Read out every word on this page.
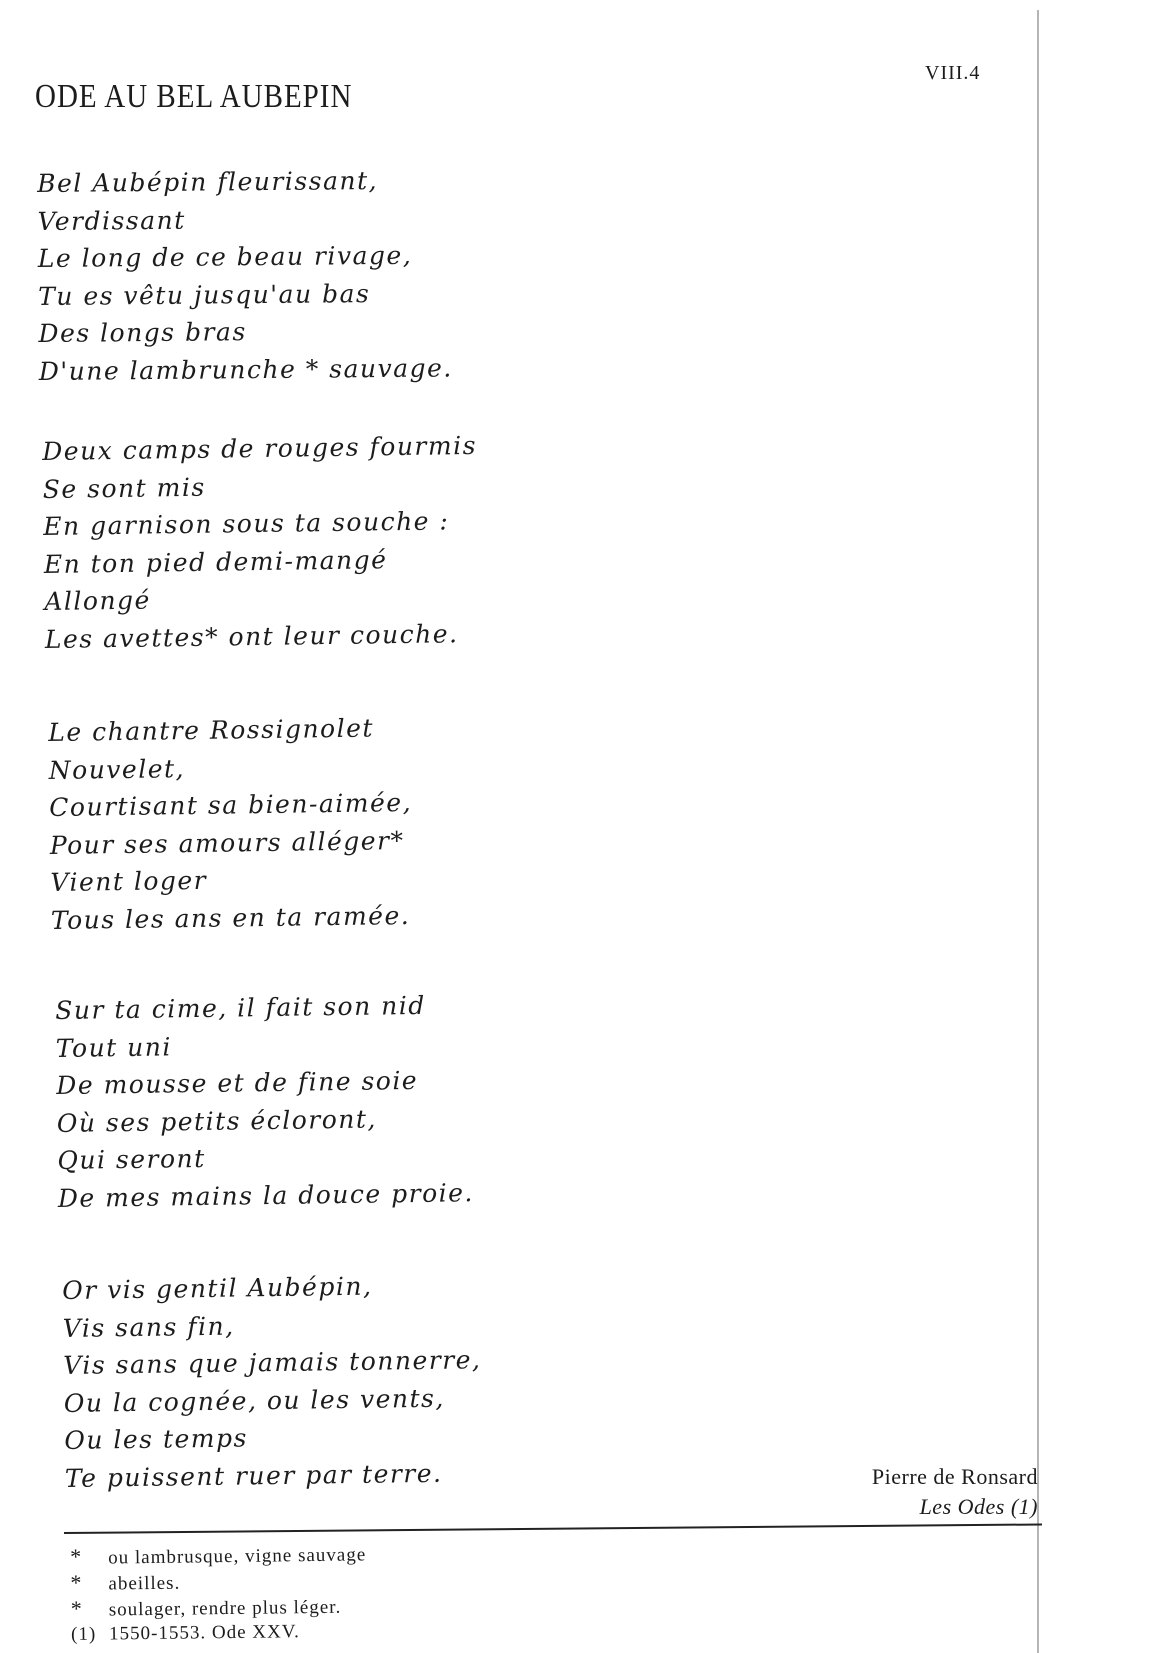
ODE AU BEL AUBEPIN
VIII.4
Bel Aubépin fleurissant,
Verdissant
Le long de ce beau rivage,
Tu es vêtu jusqu'au bas
Des longs bras
D'une lambrunche * sauvage.
Deux camps de rouges fourmis
Se sont mis
En garnison sous ta souche :
En ton pied demi-mangé
Allongé
Les avettes* ont leur couche.
Le chantre Rossignolet
Nouvelet,
Courtisant sa bien-aimée,
Pour ses amours alléger*
Vient loger
Tous les ans en ta ramée.
Sur ta cime, il fait son nid
Tout uni
De mousse et de fine soie
Où ses petits écloront,
Qui seront
De mes mains la douce proie.
Or vis gentil Aubépin,
Vis sans fin,
Vis sans que jamais tonnerre,
Ou la cognée, ou les vents,
Ou les temps
Te puissent ruer par terre.	Pierre de Ronsard
Les Odes (1)
* ou lambrusque, vigne sauvage
* abeilles.
* soulager, rendre plus léger.
(1) 1550-1553. Ode XXV.
